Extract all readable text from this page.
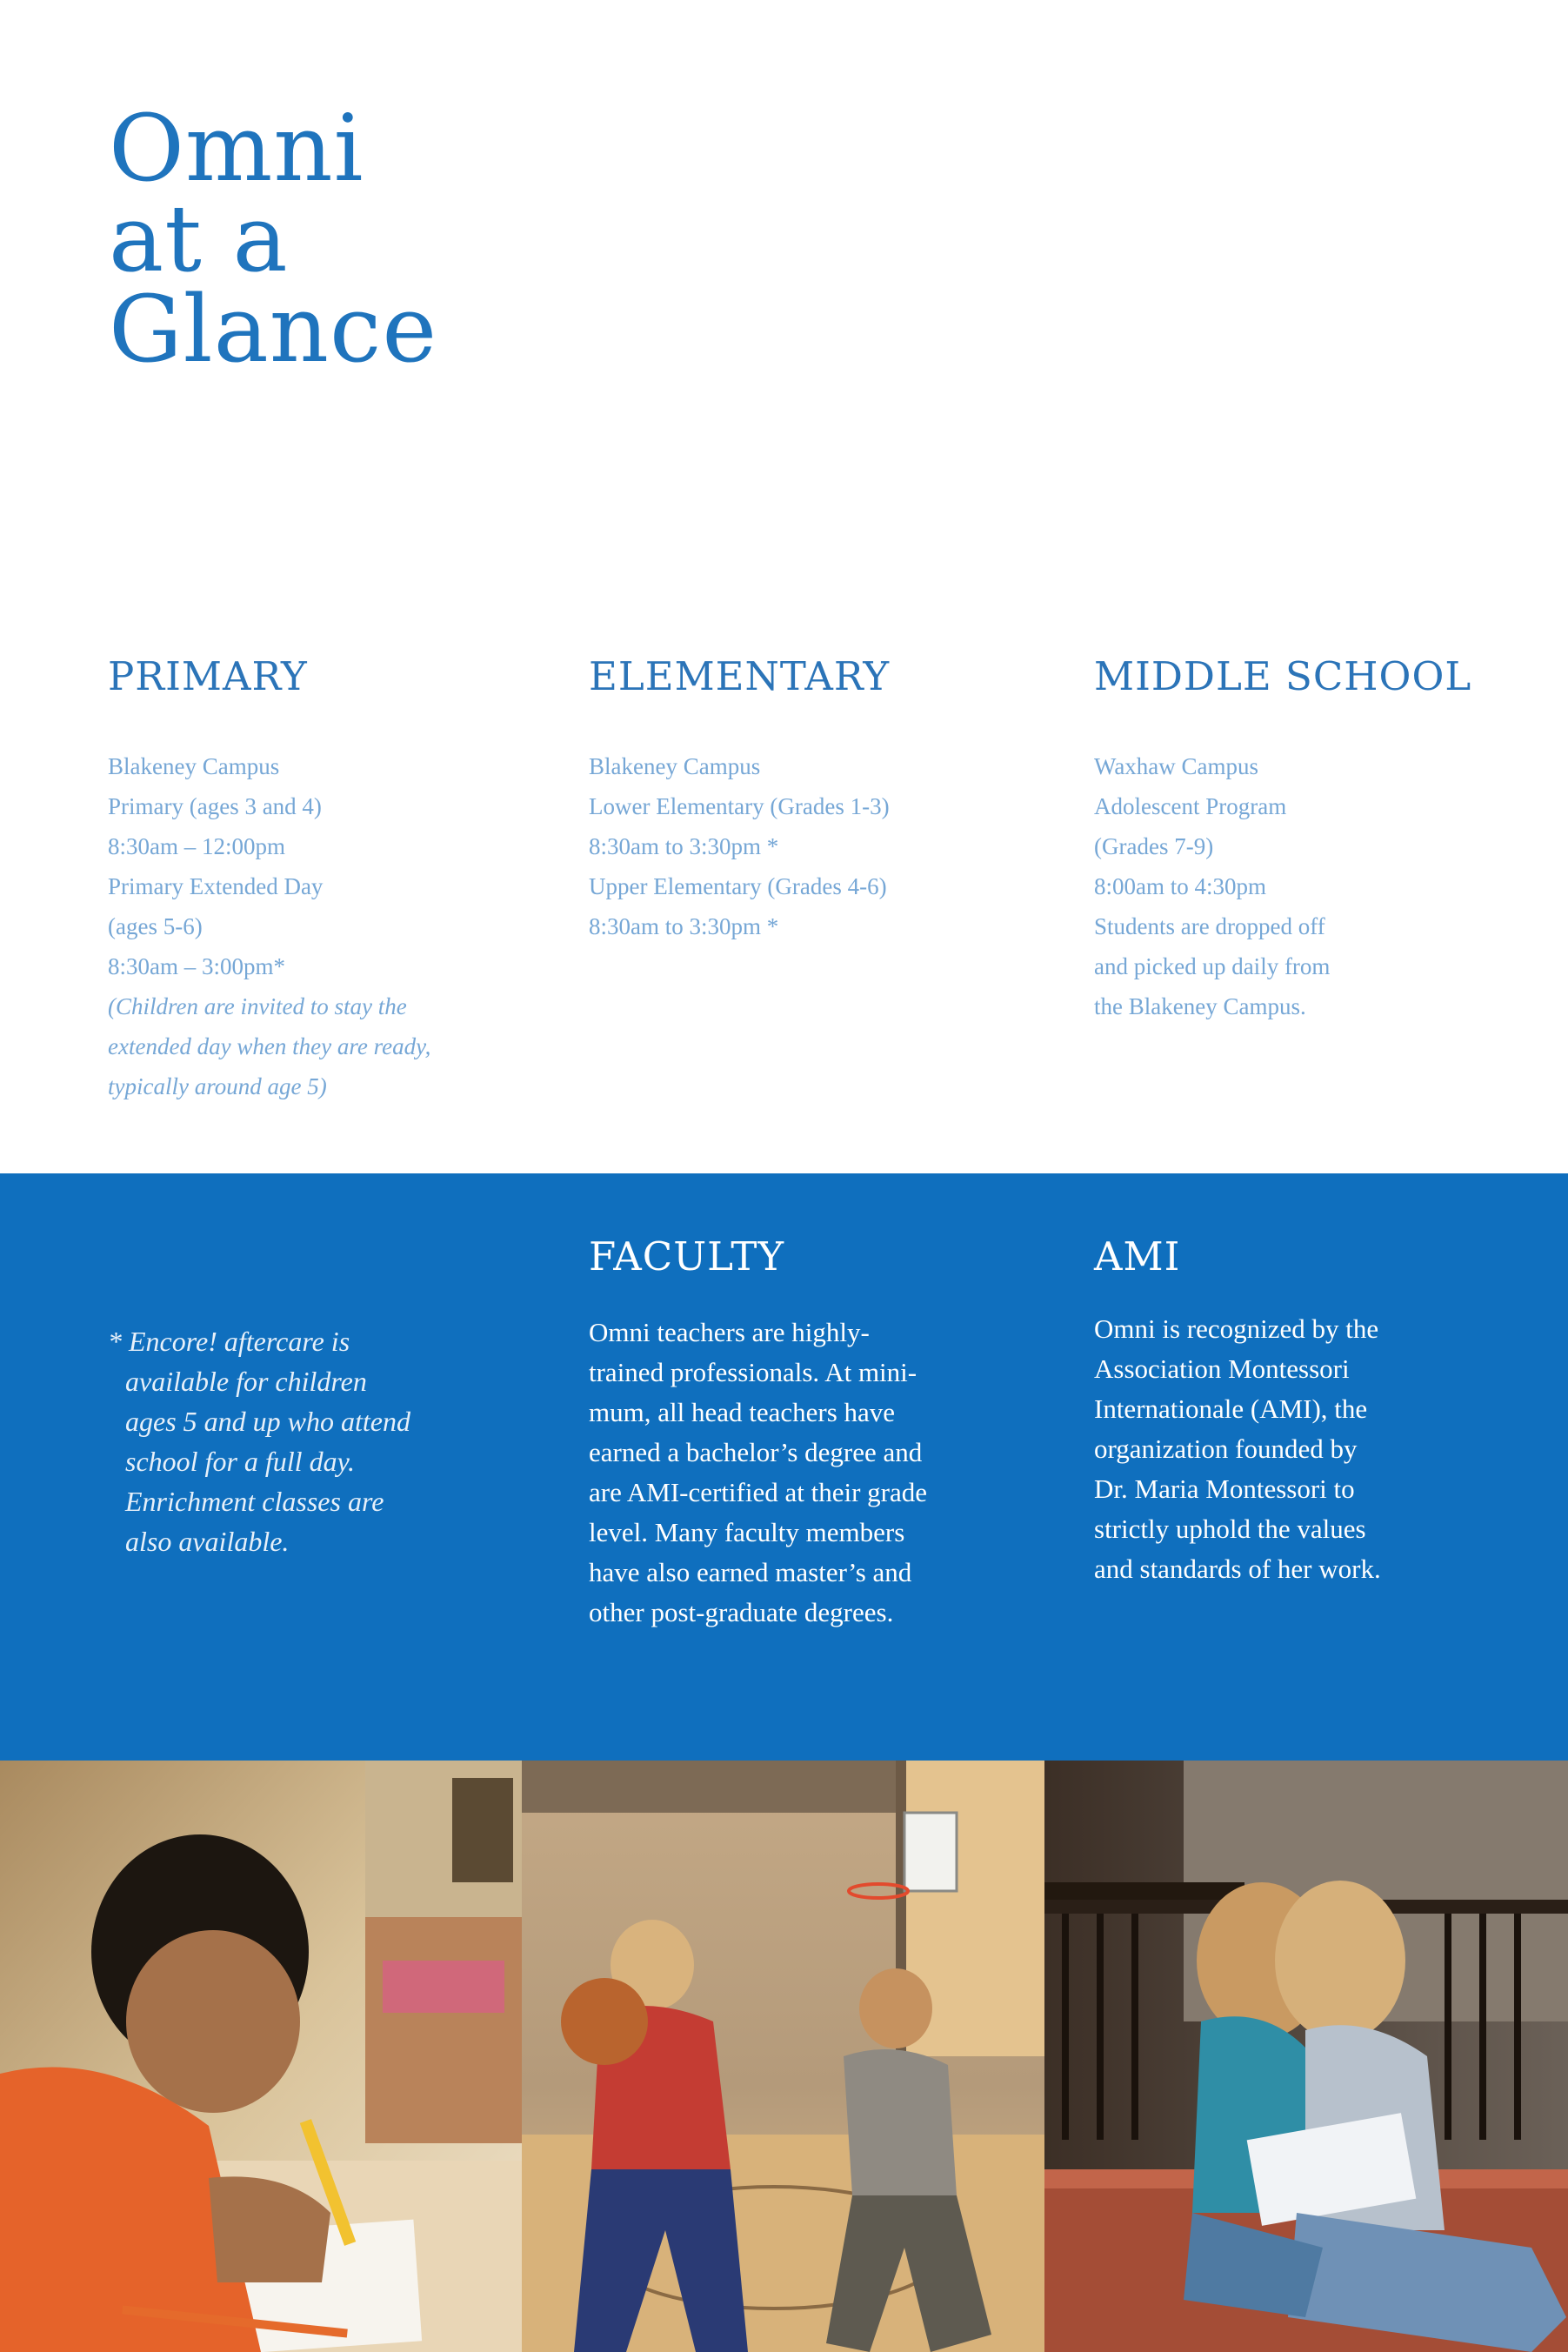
Omni
at a
Glance
PRIMARY
Blakeney Campus
Primary (ages 3 and 4)
8:30am – 12:00pm
Primary Extended Day
(ages 5-6)
8:30am – 3:00pm*
(Children are invited to stay the
extended day when they are ready,
typically around age 5)
ELEMENTARY
Blakeney Campus
Lower Elementary (Grades 1-3)
8:30am to 3:30pm *
Upper Elementary (Grades 4-6)
8:30am to 3:30pm *
MIDDLE SCHOOL
Waxhaw Campus
Adolescent Program
(Grades 7-9)
8:00am to 4:30pm
Students are dropped off
and picked up daily from
the Blakeney Campus.
* Encore! aftercare is
available for children
ages 5 and up who attend
school for a full day.
Enrichment classes are
also available.
FACULTY
Omni teachers are highly-
trained professionals. At mini-
mum, all head teachers have
earned a bachelor’s degree and
are AMI-certified at their grade
level. Many faculty members
have also earned master’s and
other post-graduate degrees.
AMI
Omni is recognized by the
Association Montessori
Internationale (AMI), the
organization founded by
Dr. Maria Montessori to
strictly uphold the values
and standards of her work.
